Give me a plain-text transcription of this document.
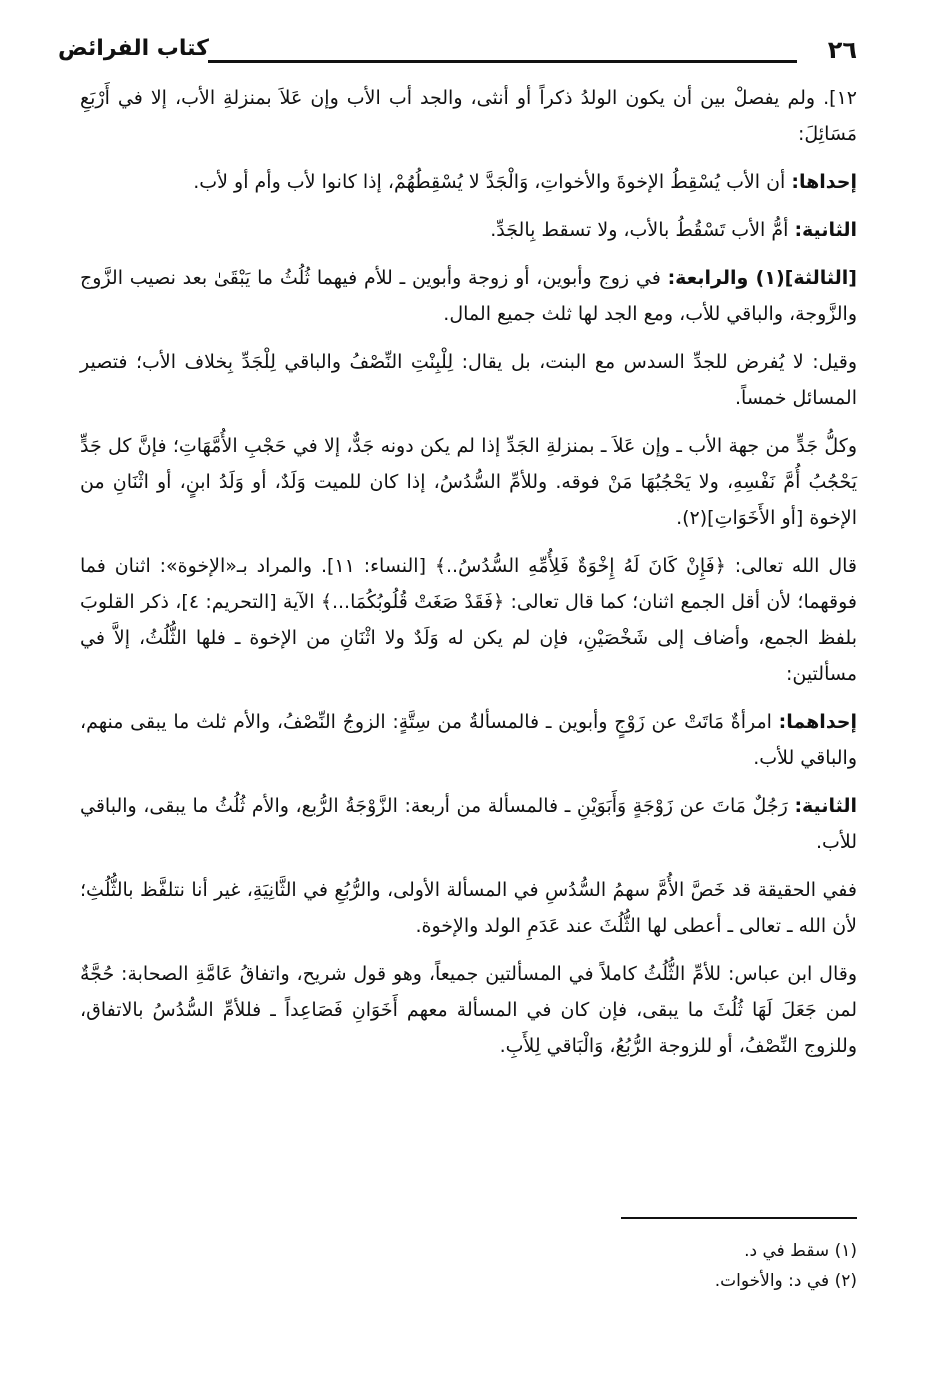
٢٦
كتاب الفرائض

١٢]. ولم يفصلْ بين أن يكون الولدُ ذكراً أو أنثى، والجد أب الأب وإن عَلاَ بمنزلةِ الأب، إلا في أَرْبَعِ مَسَائِلَ:

إحداها: أن الأب يُسْقِطُ الإخوةَ والأخواتِ، وَالْجَدَّ لا يُسْقِطُهُمْ، إذا كانوا لأب وأم أو لأب.

الثانية: أمُّ الأب تَسْقُطُ بالأب، ولا تسقط بِالجَدِّ.

[الثالثة](١) والرابعة: في زوج وأبوين، أو زوجة وأبوين ـ للأم فيهما ثُلُثُ ما يَبْقَىٰ بعد نصيب الزَّوج والزَّوجة، والباقي للأب، ومع الجد لها ثلث جميع المال.

وقيل: لا يُفرض للجدِّ السدس مع البنت، بل يقال: لِلْبِنْتِ النِّصْفُ والباقي لِلْجَدِّ بِخلاف الأب؛ فتصير المسائل خمساً.

وكلُّ جَدٍّ من جهة الأب ـ وإن عَلاَ ـ بمنزلةِ الجَدِّ إذا لم يكن دونه جَدٌّ، إلا في حَجْبِ الأُمَّهَاتِ؛ فإنَّ كل جَدٍّ يَحْجُبُ أُمَّ نَفْسِهِ، ولا يَحْجُبُهَا مَنْ فوقه. وللأمِّ السُّدُسُ، إذا كان للميت وَلَدٌ، أو وَلَدُ ابنٍ، أو اثْنَانِ من الإخوة [أو الأَخَوَاتِ](٢).

قال الله تعالى: ﴿فَإِنْ كَانَ لَهُ إِخْوَةٌ فَلِأُمِّهِ السُّدُسُ..﴾ [النساء: ١١]. والمراد بـ«الإخوة»: اثنان فما فوقهما؛ لأن أقل الجمع اثنان؛ كما قال تعالى: ﴿فَقَدْ صَغَتْ قُلُوبُكُمَا...﴾ الآية [التحريم: ٤]، ذكر القلوبَ بلفظ الجمع، وأضاف إلى شَخْصَيْنِ، فإن لم يكن له وَلَدٌ ولا اثْنَانِ من الإخوة ـ فلها الثُّلُثُ، إلاَّ في مسألتين:

إحداهما: امرأةٌ مَاتَتْ عن زَوْجٍ وأبوين ـ فالمسألةُ من سِتَّةٍ: الزوجُ النِّصْفُ، والأم ثلث ما يبقى منهم، والباقي للأب.

الثانية: رَجُلٌ مَاتَ عن زَوْجَةٍ وَأَبَوَيْنِ ـ فالمسألة من أربعة: الزَّوْجَةُ الرُّبع، والأم ثُلُثُ ما يبقى، والباقي للأب.

ففي الحقيقة قد خَصَّ الأُمَّ سهمُ السُّدُسِ في المسألة الأولى، والرُّبُعِ في الثَّانِيَةِ، غير أنا نتلفَّظ بالثُّلُثِ؛ لأن الله ـ تعالى ـ أعطى لها الثُّلُثَ عند عَدَمِ الولد والإخوة.

وقال ابن عباس: للأمِّ الثُّلُثُ كاملاً في المسألتين جميعاً، وهو قول شريح، واتفاقُ عَامَّةِ الصحابة: حُجَّةٌ لمن جَعَلَ لَهَا ثُلُثَ ما يبقى، فإن كان في المسألة معهم أَخَوَانِ فَصَاعِداً ـ فللأمِّ السُّدُسُ بالاتفاق، وللزوج النِّصْفُ، أو للزوجة الرُّبُعُ، وَالْبَاقي لِلأَبِ.

(١) سقط في د.

(٢) في د: والأخوات.
